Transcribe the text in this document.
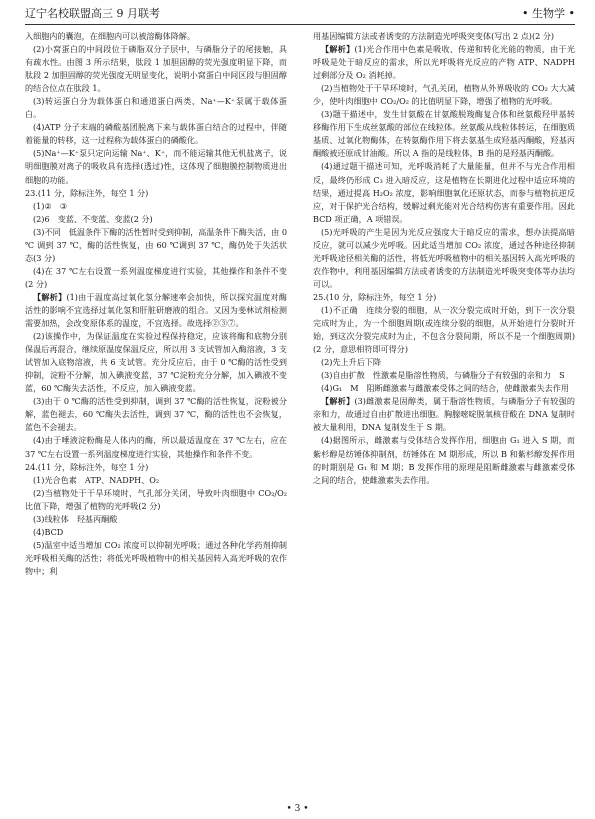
辽宁名校联盟高三 9 月联考	• 生物学 •

入细胞内的囊泡，在细胞内可以被溶酶体降解。

(2)小窝蛋白的中间段位于磷脂双分子层中，与磷脂分子的尾接触，具有疏水性。由图 3 所示结果，肽段 1 加胆固醇的荧光强度明显下降，而肽段 2 加胆固醇的荧光强度无明显变化，说明小窝蛋白中间区段与胆固醇的结合位点在肽段 1。

(3)转运蛋白分为载体蛋白和通道蛋白两类，Na⁺—K⁺泵属于载体蛋白。

(4)ATP 分子末端的磷酸基团脱离下来与载体蛋白结合的过程中，伴随着能量的转移，这一过程称为载体蛋白的磷酸化。

(5)Na⁺—K⁺泵只定向运输 Na⁺、K⁺，而不能运输其他无机盐离子，说明细胞膜对离子的吸收具有选择(透过)性，这体现了细胞膜控制物质进出细胞的功能。

23.(11 分，除标注外，每空 1 分)

(1)②　③

(2)6　变蓝、不变蓝、变蓝(2 分)

(3)不同　低温条件下酶的活性暂时受到抑制，高温条件下酶失活，由 0 ℃ 调到 37 ℃，酶的活性恢复，由 60 ℃调到 37 ℃，酶仍处于失活状态(3 分)

(4)在 37 ℃左右设置一系列温度梯度进行实验，其他操作和条件不变(2 分)

【解析】(1)由于温度高过氧化氢分解速率会加快，所以探究温度对酶活性的影响不宜选择过氧化氢和肝脏研磨液的组合。又因为斐林试剂检测需要加热，会改变原体系的温度，不宜选择。故选择②③⑦。

(2)该操作中，为保证温度在实验过程保持稳定，应该将酶和底物分别保温后再混合，继续原温度保温反应，所以用 3 支试管加入酶溶液，3 支试管加入底物溶液，共 6 支试管。充分反应后，由于 0 ℃酶的活性受到抑制，淀粉不分解，加入碘液变蓝，37 ℃淀粉充分分解，加入碘液不变蓝，60 ℃酶失去活性，不反应，加入碘液变蓝。

(3)由于 0 ℃酶的活性受到抑制，调到 37 ℃酶的活性恢复，淀粉被分解，蓝色褪去，60 ℃酶失去活性，调到 37 ℃，酶的活性也不会恢复，蓝色不会褪去。

(4)由于唾液淀粉酶是人体内的酶，所以最适温度在 37 ℃左右，应在 37 ℃左右设置一系列温度梯度进行实验，其他操作和条件不变。

24.(11 分，除标注外，每空 1 分)

(1)光合色素　ATP、NADPH、O₂

(2)当植物处于干旱环境时，气孔部分关闭，导致叶肉细胞中 CO₂/O₂ 比值下降，增强了植物的光呼吸(2 分)

(3)线粒体　羟基丙酮酸

(4)BCD

(5)温室中适当增加 CO₂ 浓度可以抑制光呼吸；通过各种化学药剂抑制光呼吸相关酶的活性；将低光呼吸植物中的相关基因转入高光呼吸的农作物中；利

用基因编辑方法或者诱变的方法制造光呼吸突变体(写出 2 点)(2 分)

【解析】(1)光合作用中色素是吸收、传递和转化光能的物质，由于光呼吸是处于暗反应的需求，所以光呼吸将光反应的产物 ATP、NADPH 过剩部分及 O₂ 消耗掉。

(2)当植物处于干旱环境时，气孔关闭，植物从外界吸收的 CO₂ 大大减少，使叶肉细胞中 CO₂/O₂ 的比值明显下降，增强了植物的光呼吸。

(3)题干描述中，发生甘氨酸在甘氨酸脱羧酶复合体和丝氨酸羟甲基转移酶作用下生成丝氨酸的部位在线粒体。丝氨酸从线粒体转运，在细胞质基质、过氧化物酶体，在转氨酶作用下将去氨基生成羟基丙酮酸，羟基丙酮酸被还原成甘油酸。所以 A 指的是线粒体，B 指的是羟基丙酮酸。

(4)通过题干描述可知，光呼吸消耗了大量能量，但并不与光合作用相反，最终仍形成 C₃ 进入暗反应，这是植物在长期进化过程中适应环境的结果，通过提高 H₂O₂ 浓度，影响细胞氧化还原状态，而参与植物抗逆反应，对于保护光合结构，缓解过剩光能对光合结构伤害有重要作用。因此 BCD 项正确，A 项错误。

(5)光呼吸的产生是因为光反应强度大于暗反应的需求，想办法提高暗反应，就可以减少光呼吸。因此适当增加 CO₂ 浓度，通过各种途径抑制光呼吸途径相关酶的活性，将低光呼吸植物中的相关基因转入高光呼吸的农作物中，利用基因编辑方法或者诱变的方法制造光呼吸突变体等办法均可以。

25.(10 分，除标注外，每空 1 分)

(1)不正确　连续分裂的细胞，从一次分裂完成时开始，到下一次分裂完成时为止，为一个细胞周期(或连续分裂的细胞，从开始进行分裂时开始，到这次分裂完成时为止，不包含分裂间期，所以不是一个细胞周期)(2 分，意思相符即可得分)

(2)先上升后下降

(3)自由扩散　性激素是脂溶性物质，与磷脂分子有较强的亲和力　S

(4)G₁　M　阻断雌激素与雌激素受体之间的结合，使雌激素失去作用

【解析】(3)雌激素是固醇类，属于脂溶性物质，与磷脂分子有较强的亲和力，故通过自由扩散进出细胞。胸腺嘧啶脱氧核苷酸在 DNA 复制时被大量利用，DNA 复制发生于 S 期。

(4)据图所示，雌激素与受体结合发挥作用，细胞由 G₁ 进入 S 期，而紫杉醇是纺锤体抑制剂，纺锤体在 M 期形成，所以 B 和紫杉醇发挥作用的时期别是 G₁ 和 M 期；B 发挥作用的原理是阻断雌激素与雌激素受体之间的结合，使雌激素失去作用。

• 3 •
